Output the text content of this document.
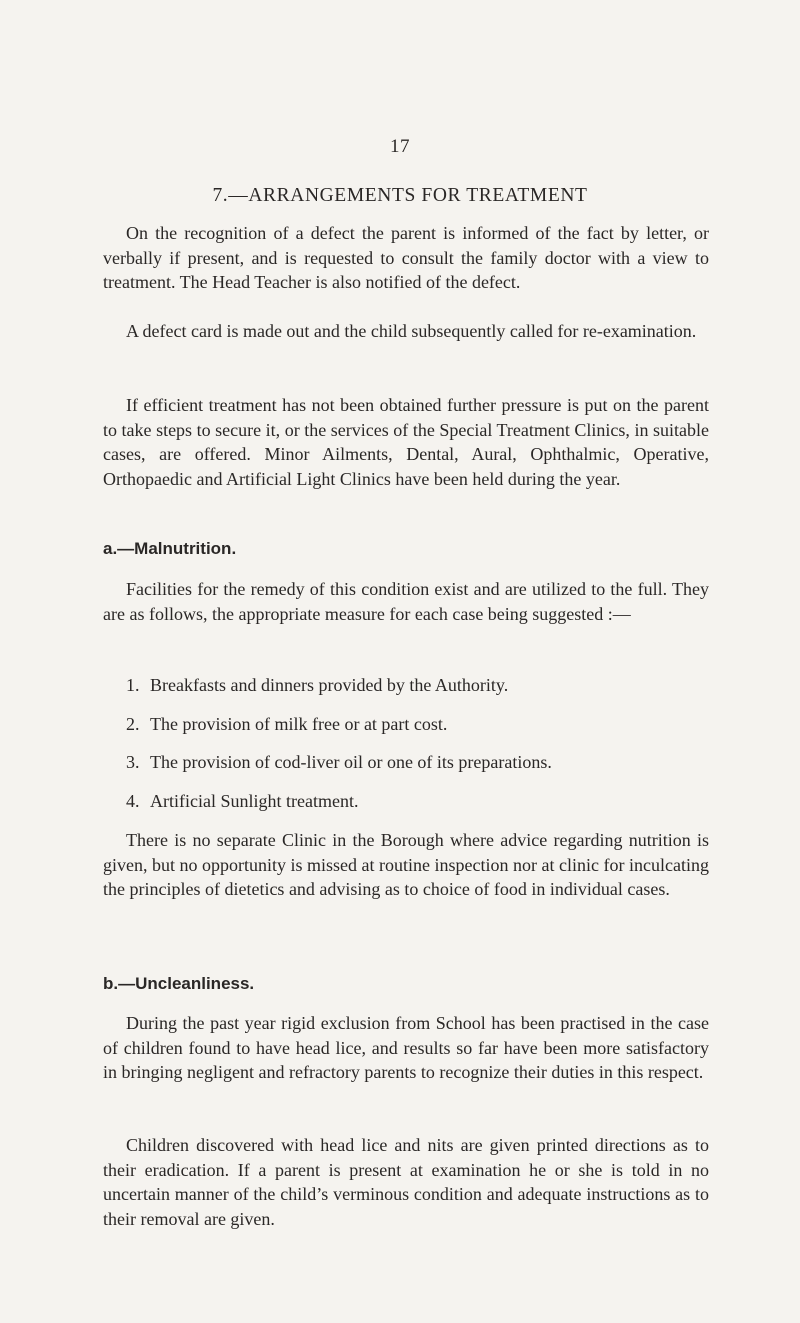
17
7.—ARRANGEMENTS FOR TREATMENT

On the recognition of a defect the parent is informed of the fact by letter, or verbally if present, and is requested to consult the family doctor with a view to treatment. The Head Teacher is also notified of the defect.

A defect card is made out and the child subsequently called for re-examination.

If efficient treatment has not been obtained further pressure is put on the parent to take steps to secure it, or the services of the Special Treatment Clinics, in suitable cases, are offered. Minor Ailments, Dental, Aural, Ophthalmic, Operative, Orthopaedic and Artificial Light Clinics have been held during the year.

a.—Malnutrition.

Facilities for the remedy of this condition exist and are utilized to the full. They are as follows, the appropriate measure for each case being suggested :—

1. Breakfasts and dinners provided by the Authority.
2. The provision of milk free or at part cost.
3. The provision of cod-liver oil or one of its preparations.
4. Artificial Sunlight treatment.

There is no separate Clinic in the Borough where advice regarding nutrition is given, but no opportunity is missed at routine inspection nor at clinic for inculcating the principles of dietetics and advising as to choice of food in individual cases.

b.—Uncleanliness.

During the past year rigid exclusion from School has been practised in the case of children found to have head lice, and results so far have been more satisfactory in bringing negligent and refractory parents to recognize their duties in this respect.

Children discovered with head lice and nits are given printed directions as to their eradication. If a parent is present at examination he or she is told in no uncertain manner of the child’s verminous condition and adequate instructions as to their removal are given.
